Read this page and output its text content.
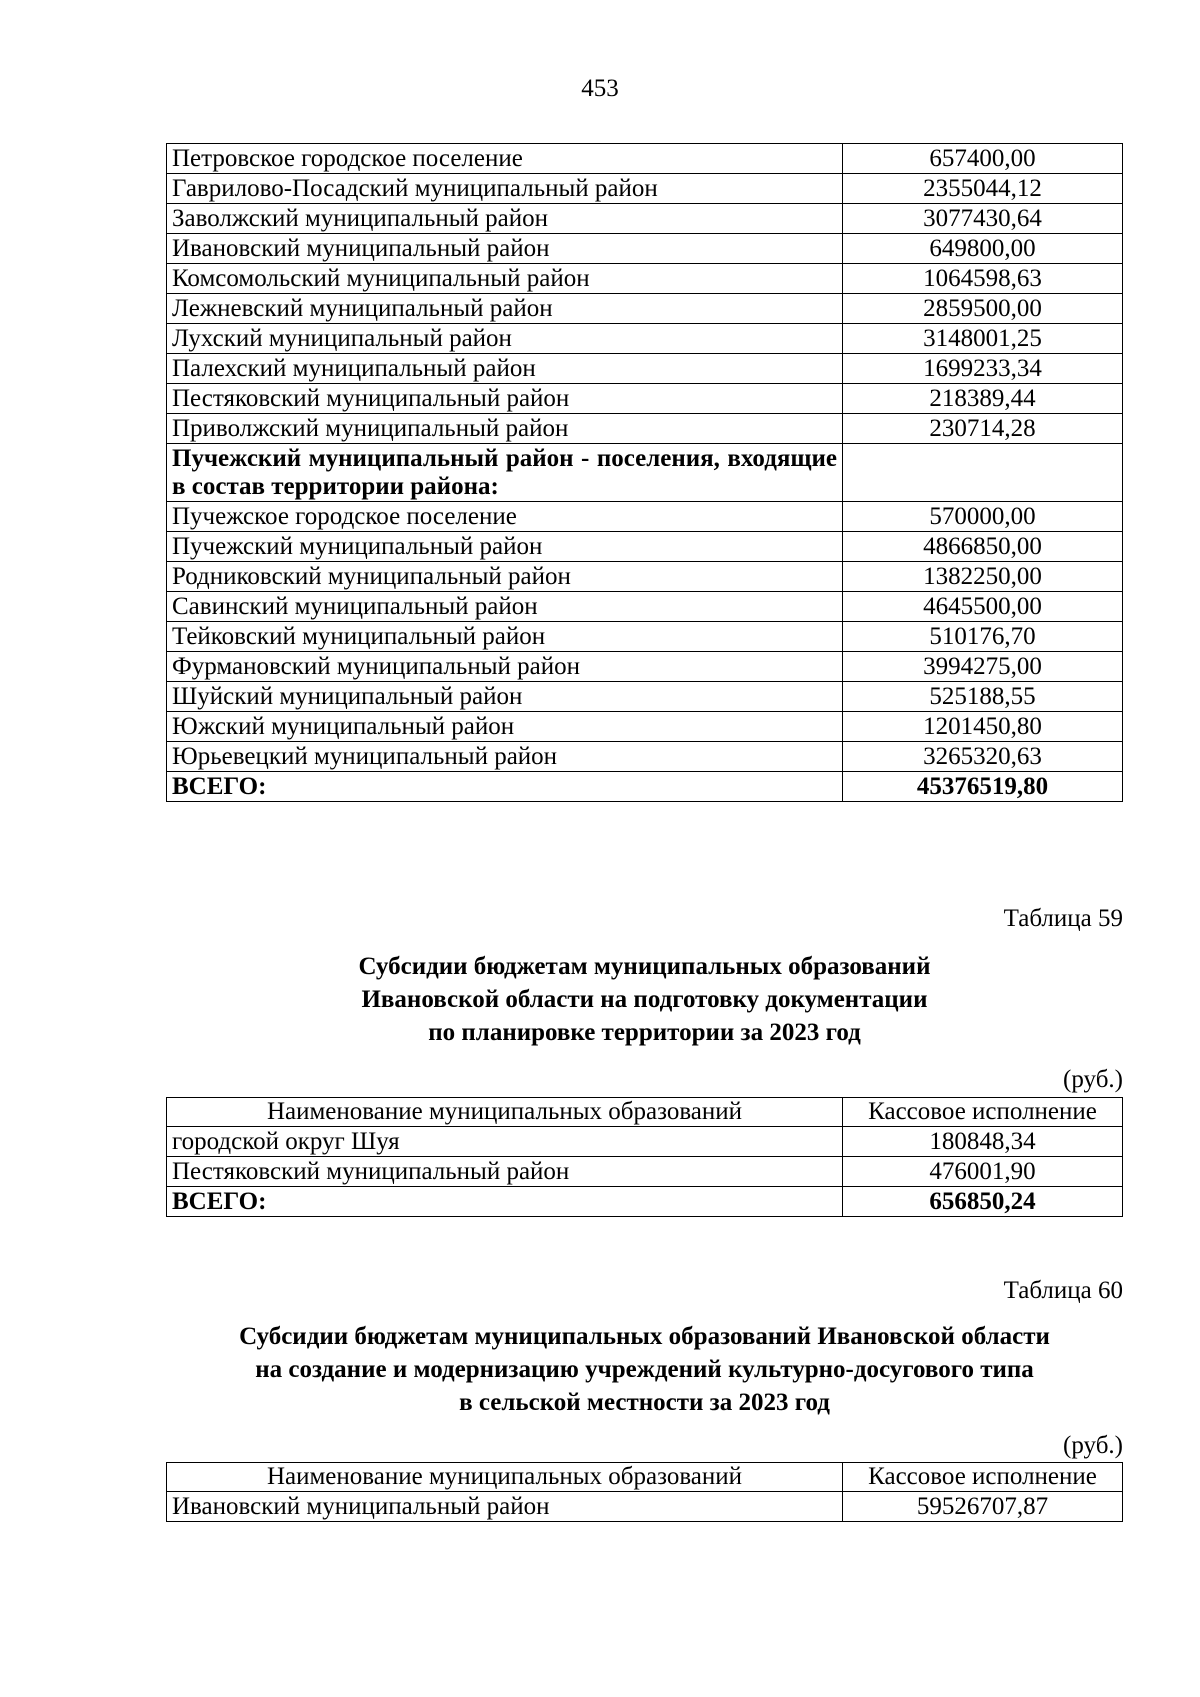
453
Петровское городское поселение	657400,00
Гаврилово-Посадский муниципальный район	2355044,12
Заволжский муниципальный район	3077430,64
Ивановский муниципальный район	649800,00
Комсомольский муниципальный район	1064598,63
Лежневский муниципальный район	2859500,00
Лухский муниципальный район	3148001,25
Палехский муниципальный район	1699233,34
Пестяковский муниципальный район	218389,44
Приволжский муниципальный район	230714,28
Пучежский муниципальный район - поселения, входящие в состав территории района:	
Пучежское городское поселение	570000,00
Пучежский муниципальный район	4866850,00
Родниковский муниципальный район	1382250,00
Савинский муниципальный район	4645500,00
Тейковский муниципальный район	510176,70
Фурмановский муниципальный район	3994275,00
Шуйский муниципальный район	525188,55
Южский муниципальный район	1201450,80
Юрьевецкий муниципальный район	3265320,63
ВСЕГО:	45376519,80
Таблица 59
Субсидии бюджетам муниципальных образований
Ивановской области на подготовку документации
по планировке территории за 2023 год
(руб.)
Наименование муниципальных образований	Кассовое исполнение
городской округ Шуя	180848,34
Пестяковский муниципальный район	476001,90
ВСЕГО:	656850,24
Таблица 60
Субсидии бюджетам муниципальных образований Ивановской области
на создание и модернизацию учреждений культурно-досугового типа
в сельской местности за 2023 год
(руб.)
Наименование муниципальных образований	Кассовое исполнение
Ивановский муниципальный район	59526707,87
